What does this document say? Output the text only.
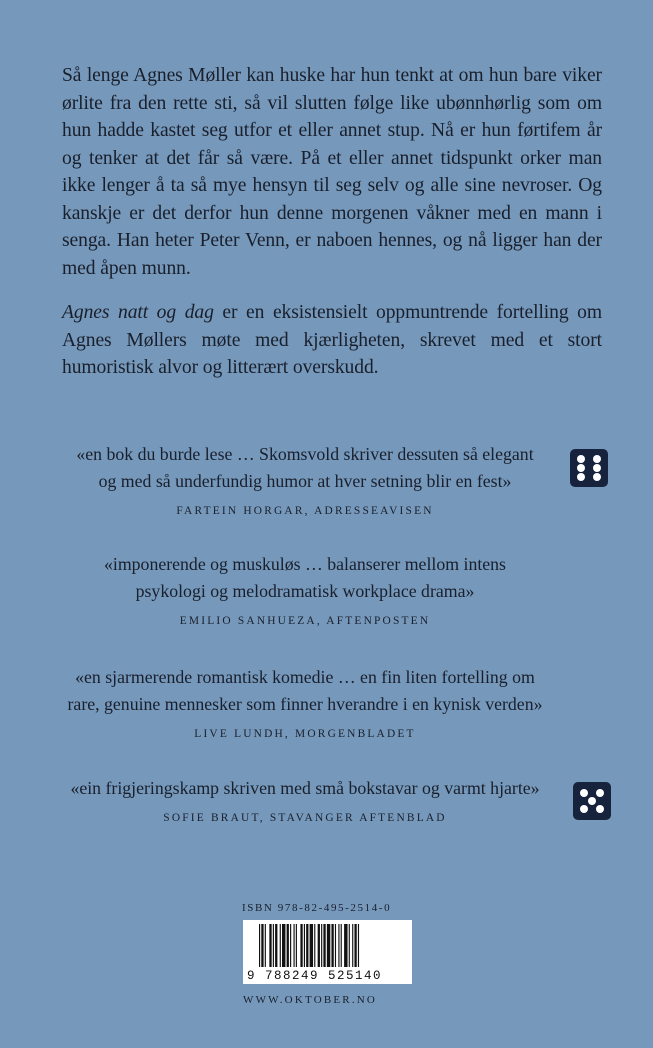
Så lenge Agnes Møller kan huske har hun tenkt at om hun bare viker ørlite fra den rette sti, så vil slutten følge like ubønnhørlig som om hun hadde kastet seg utfor et eller annet stup. Nå er hun førtifem år og tenker at det får så være. På et eller annet tidspunkt orker man ikke lenger å ta så mye hensyn til seg selv og alle sine nevroser. Og kanskje er det derfor hun denne morgenen våkner med en mann i senga. Han heter Peter Venn, er naboen hennes, og nå ligger han der med åpen munn.

Agnes natt og dag er en eksistensielt oppmuntrende fortelling om Agnes Møllers møte med kjærligheten, skrevet med et stort humoristisk alvor og litterært overskudd.

«en bok du burde lese … Skomsvold skriver dessuten så elegant
og med så underfundig humor at hver setning blir en fest»

FARTEIN HORGAR, ADRESSEAVISEN

«imponerende og muskuløs … balanserer mellom intens
psykologi og melodramatisk workplace drama»

EMILIO SANHUEZA, AFTENPOSTEN

«en sjarmerende romantisk komedie … en fin liten fortelling om
rare, genuine mennesker som finner hverandre i en kynisk verden»

LIVE LUNDH, MORGENBLADET

«ein frigjeringskamp skriven med små bokstavar og varmt hjarte»

SOFIE BRAUT, STAVANGER AFTENBLAD
ISBN 978-82-495-2514-0
9 788249 525140
WWW.OKTOBER.NO
